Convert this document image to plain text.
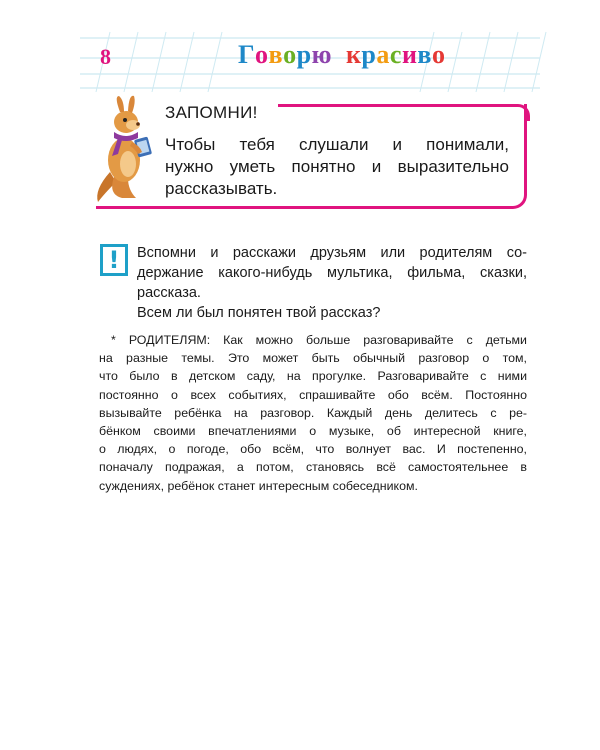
8	Говорю красиво
ЗАПОМНИ!
Чтобы тебя слушали и понимали,
нужно уметь понятно и выразительно
рассказывать.
!	Вспомни и расскажи друзьям или родителям со-
держание какого-нибудь мультика, фильма, сказки,
рассказа.
Всем ли был понятен твой рассказ?
* РОДИТЕЛЯМ: Как можно больше разговаривайте с детьми
на разные темы. Это может быть обычный разговор о том,
что было в детском саду, на прогулке. Разговаривайте с ними
постоянно о всех событиях, спрашивайте обо всём. Постоянно
вызывайте ребёнка на разговор. Каждый день делитесь с ре-
бёнком своими впечатлениями о музыке, об интересной книге,
о людях, о погоде, обо всём, что волнует вас. И постепенно,
поначалу подражая, а потом, становясь всё самостоятельнее в
суждениях, ребёнок станет интересным собеседником.
